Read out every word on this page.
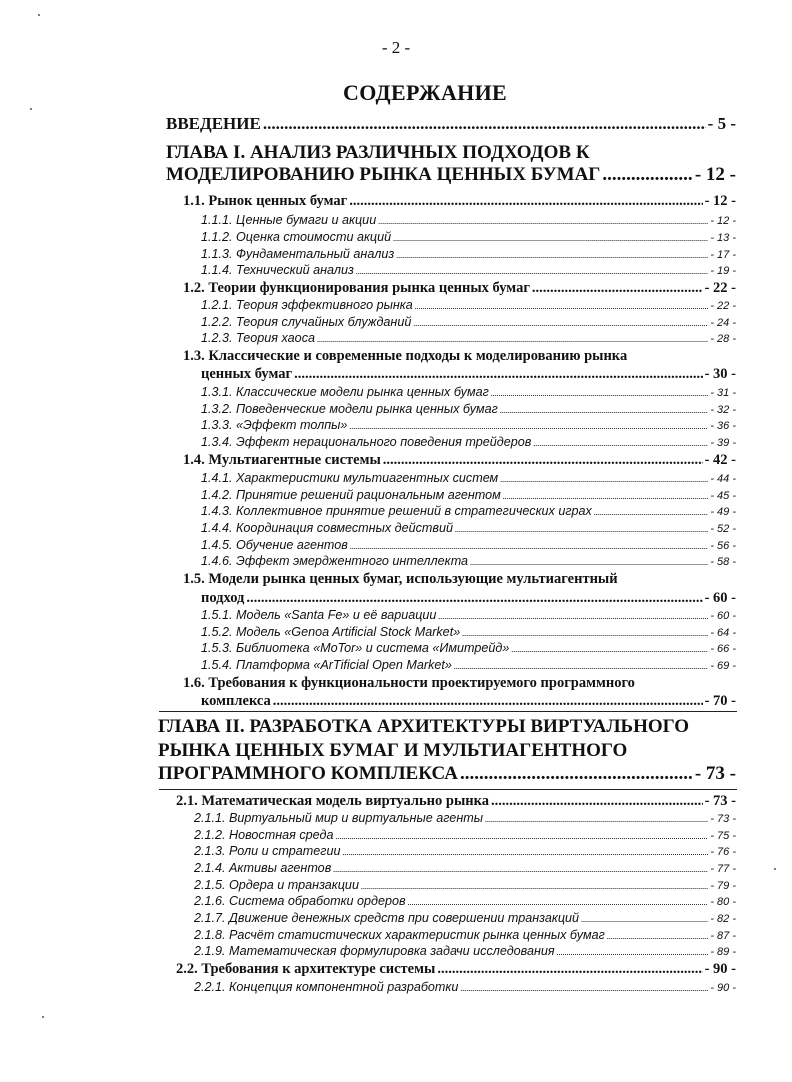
- 2 -
СОДЕРЖАНИЕ
ВВЕДЕНИЕ .....	- 5 -
ГЛАВА I. АНАЛИЗ РАЗЛИЧНЫХ ПОДХОДОВ К
МОДЕЛИРОВАНИЮ РЫНКА ЦЕННЫХ БУМАГ .....	- 12 -
1.1. Рынок ценных бумаг .....	- 12 -
1.1.1. Ценные бумаги и акции .....	- 12 -
1.1.2. Оценка стоимости акций .....	- 13 -
1.1.3. Фундаментальный анализ .....	- 17 -
1.1.4. Технический анализ .....	- 19 -
1.2. Теории функционирования рынка ценных бумаг .....	- 22 -
1.2.1. Теория эффективного рынка .....	- 22 -
1.2.2. Теория случайных блужданий .....	- 24 -
1.2.3. Теория хаоса .....	- 28 -
1.3. Классические и современные подходы к моделированию рынка
ценных бумаг .....	- 30 -
1.3.1. Классические модели рынка ценных бумаг .....	- 31 -
1.3.2. Поведенческие модели рынка ценных бумаг .....	- 32 -
1.3.3. «Эффект толпы» .....	- 36 -
1.3.4. Эффект нерационального поведения трейдеров .....	- 39 -
1.4. Мультиагентные системы .....	- 42 -
1.4.1. Характеристики мультиагентных систем .....	- 44 -
1.4.2. Принятие решений рациональным агентом .....	- 45 -
1.4.3. Коллективное принятие решений в стратегических играх .....	- 49 -
1.4.4. Координация совместных действий .....	- 52 -
1.4.5. Обучение агентов .....	- 56 -
1.4.6. Эффект эмерджентного интеллекта .....	- 58 -
1.5. Модели рынка ценных бумаг, использующие мультиагентный
подход .....	- 60 -
1.5.1. Модель «Santa Fe» и её вариации .....	- 60 -
1.5.2. Модель «Genoa Artificial Stock Market» .....	- 64 -
1.5.3. Библиотека «MoTor» и система «Имитрейд» .....	- 66 -
1.5.4. Платформа «ArTificial Open Market» .....	- 69 -
1.6. Требования к функциональности проектируемого программного
комплекса .....	- 70 -
ГЛАВА II. РАЗРАБОТКА АРХИТЕКТУРЫ ВИРТУАЛЬНОГО
РЫНКА ЦЕННЫХ БУМАГ И МУЛЬТИАГЕНТНОГО
ПРОГРАММНОГО КОМПЛЕКСА .....	- 73 -
2.1. Математическая модель виртуально рынка .....	- 73 -
2.1.1. Виртуальный мир и виртуальные агенты .....	- 73 -
2.1.2. Новостная среда .....	- 75 -
2.1.3. Роли и стратегии .....	- 76 -
2.1.4. Активы агентов .....	- 77 -
2.1.5. Ордера и транзакции .....	- 79 -
2.1.6. Система обработки ордеров .....	- 80 -
2.1.7. Движение денежных средств при совершении транзакций .....	- 82 -
2.1.8. Расчёт статистических характеристик рынка ценных бумаг .....	- 87 -
2.1.9. Математическая формулировка задачи исследования .....	- 89 -
2.2. Требования к архитектуре системы .....	- 90 -
2.2.1. Концепция компонентной разработки .....	- 90 -
